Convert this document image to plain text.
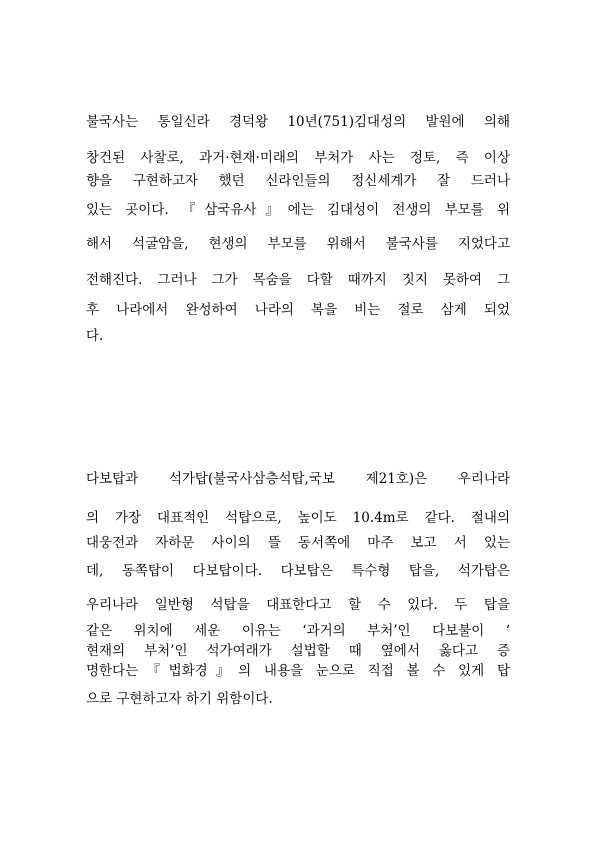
불국사는 통일신라 경덕왕 10년(751)김대성의 발원에 의해
창건된 사찰로, 과거·현재·미래의 부처가 사는 정토, 즉 이상
향을 구현하고자 했던 신라인들의 정신세계가 잘 드러나
있는 곳이다. 『삼국유사』에는 김대성이 전생의 부모를 위
해서 석굴암을, 현생의 부모를 위해서 불국사를 지었다고
전해진다. 그러나 그가 목숨을 다할 때까지 짓지 못하여 그
후 나라에서 완성하여 나라의 복을 비는 절로 삼게 되었
다.
다보탑과 석가탑(불국사삼층석탑,국보 제21호)은 우리나라
의 가장 대표적인 석탑으로, 높이도 10.4m로 같다. 절내의
대웅전과 자하문 사이의 뜰 동서쪽에 마주 보고 서 있는
데, 동쪽탑이 다보탑이다. 다보탑은 특수형 탑을, 석가탑은
우리나라 일반형 석탑을 대표한다고 할 수 있다. 두 탑을
같은 위치에 세운 이유는 ‘과거의 부처’인 다보불이 ‘
현재의 부처’인 석가여래가 설법할 때 옆에서 옳다고 증
명한다는『법화경』의 내용을 눈으로 직접 볼 수 있게 탑
으로 구현하고자 하기 위함이다.
